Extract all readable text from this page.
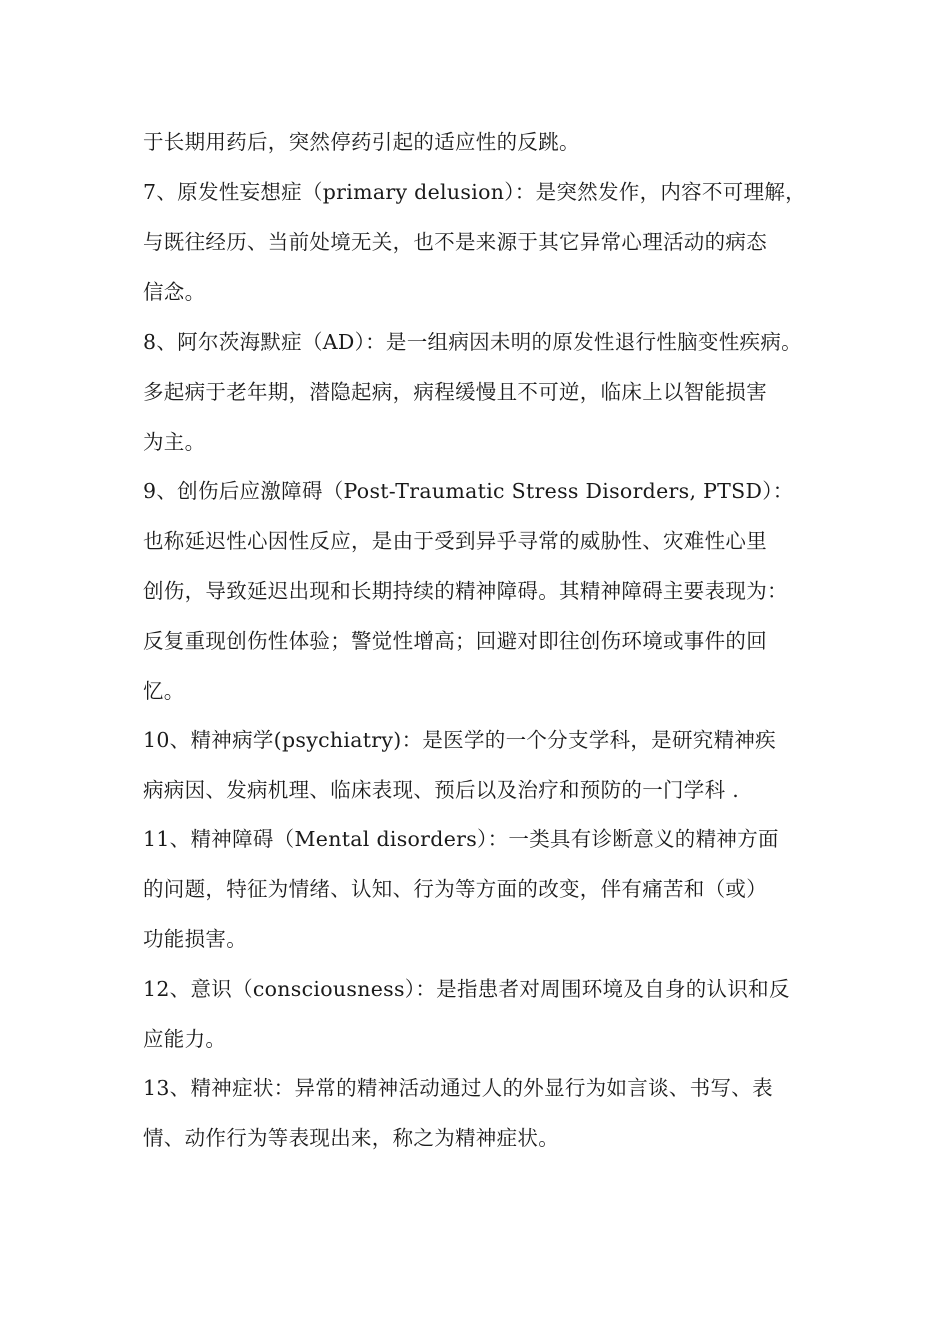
于长期用药后，突然停药引起的适应性的反跳。
7、原发性妄想症（primary delusion）：是突然发作，内容不可理解，
与既往经历、当前处境无关，也不是来源于其它异常心理活动的病态
信念。
8、阿尔茨海默症（AD）：是一组病因未明的原发性退行性脑变性疾病。
多起病于老年期，潜隐起病，病程缓慢且不可逆，临床上以智能损害
为主。
9、创伤后应激障碍（Post-Traumatic Stress Disorders, PTSD）：
也称延迟性心因性反应，是由于受到异乎寻常的威胁性、灾难性心里
创伤，导致延迟出现和长期持续的精神障碍。其精神障碍主要表现为：
反复重现创伤性体验；警觉性增高；回避对即往创伤环境或事件的回
忆。
10、精神病学(psychiatry)：是医学的一个分支学科，是研究精神疾
病病因、发病机理、临床表现、预后以及治疗和预防的一门学科 .
11、精神障碍（Mental disorders）：一类具有诊断意义的精神方面
的问题，特征为情绪、认知、行为等方面的改变，伴有痛苦和（或）
功能损害。
12、意识（consciousness）：是指患者对周围环境及自身的认识和反
应能力。
13、精神症状：异常的精神活动通过人的外显行为如言谈、书写、表
情、动作行为等表现出来，称之为精神症状。
